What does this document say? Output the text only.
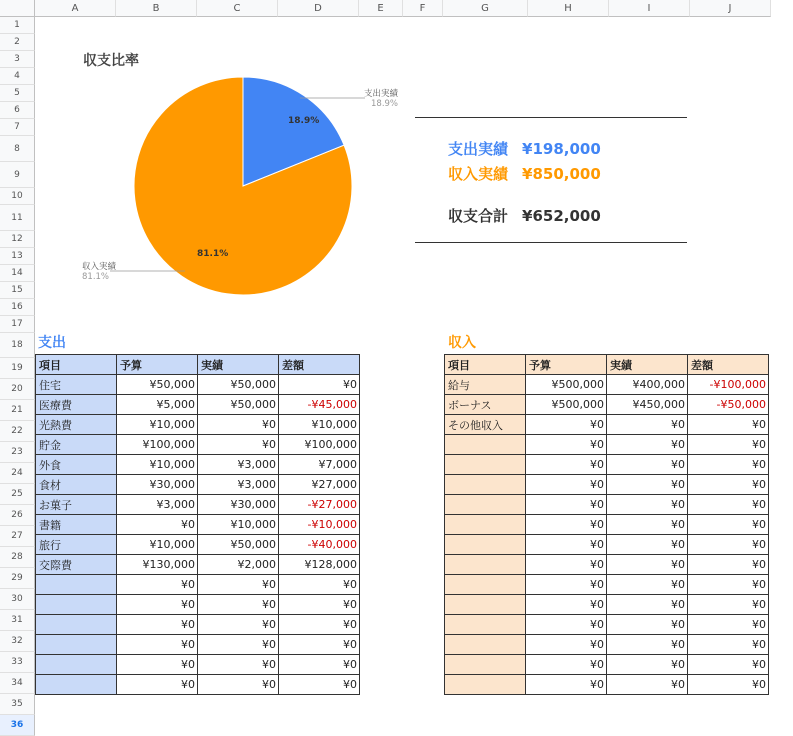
A	B	C	D	E	F	G	H	I	J
1
2
3
4
5
6
7
8
9
10
11
12
13
14
15
16
17
18
19
20
21
22
23
24
25
26
27
28
29
30
31
32
33
34
35
36
収支比率
18.9%
81.1%
支出実績
18.9%
収入実績
81.1%
支出実績 ¥198,000
収入実績 ¥850,000
収支合計 ¥652,000
支出	収入
項目	予算	実績	差額
住宅	¥50,000	¥50,000	¥0
医療費	¥5,000	¥50,000	-¥45,000
光熱費	¥10,000	¥0	¥10,000
貯金	¥100,000	¥0	¥100,000
外食	¥10,000	¥3,000	¥7,000
食材	¥30,000	¥3,000	¥27,000
お菓子	¥3,000	¥30,000	-¥27,000
書籍	¥0	¥10,000	-¥10,000
旅行	¥10,000	¥50,000	-¥40,000
交際費	¥130,000	¥2,000	¥128,000
	¥0	¥0	¥0
	¥0	¥0	¥0
	¥0	¥0	¥0
	¥0	¥0	¥0
	¥0	¥0	¥0
	¥0	¥0	¥0
項目	予算	実績	差額
給与	¥500,000	¥400,000	-¥100,000
ボーナス	¥500,000	¥450,000	-¥50,000
その他収入	¥0	¥0	¥0
	¥0	¥0	¥0
	¥0	¥0	¥0
	¥0	¥0	¥0
	¥0	¥0	¥0
	¥0	¥0	¥0
	¥0	¥0	¥0
	¥0	¥0	¥0
	¥0	¥0	¥0
	¥0	¥0	¥0
	¥0	¥0	¥0
	¥0	¥0	¥0
	¥0	¥0	¥0
	¥0	¥0	¥0
